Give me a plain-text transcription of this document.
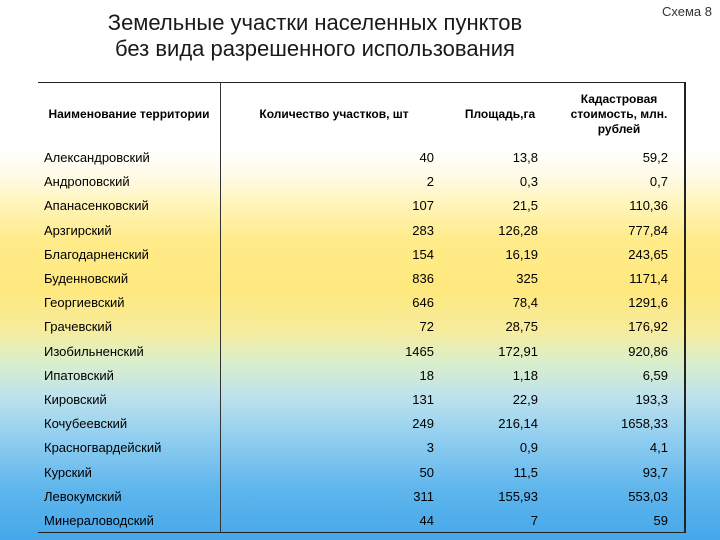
Земельные участки населенных пунктов
без вида разрешенного использования
Схема 8
Наименование территории	Количество участков, шт	Площадь,га	Кадастровая стоимость, млн. рублей
Александровский	40	13,8	59,2
Андроповский	2	0,3	0,7
Апанасенковский	107	21,5	110,36
Арзгирский	283	126,28	777,84
Благодарненский	154	16,19	243,65
Буденновский	836	325	1171,4
Георгиевский	646	78,4	1291,6
Грачевский	72	28,75	176,92
Изобильненский	1465	172,91	920,86
Ипатовский	18	1,18	6,59
Кировский	131	22,9	193,3
Кочубеевский	249	216,14	1658,33
Красногвардейский	3	0,9	4,1
Курский	50	11,5	93,7
Левокумский	311	155,93	553,03
Минераловодский	44	7	59
